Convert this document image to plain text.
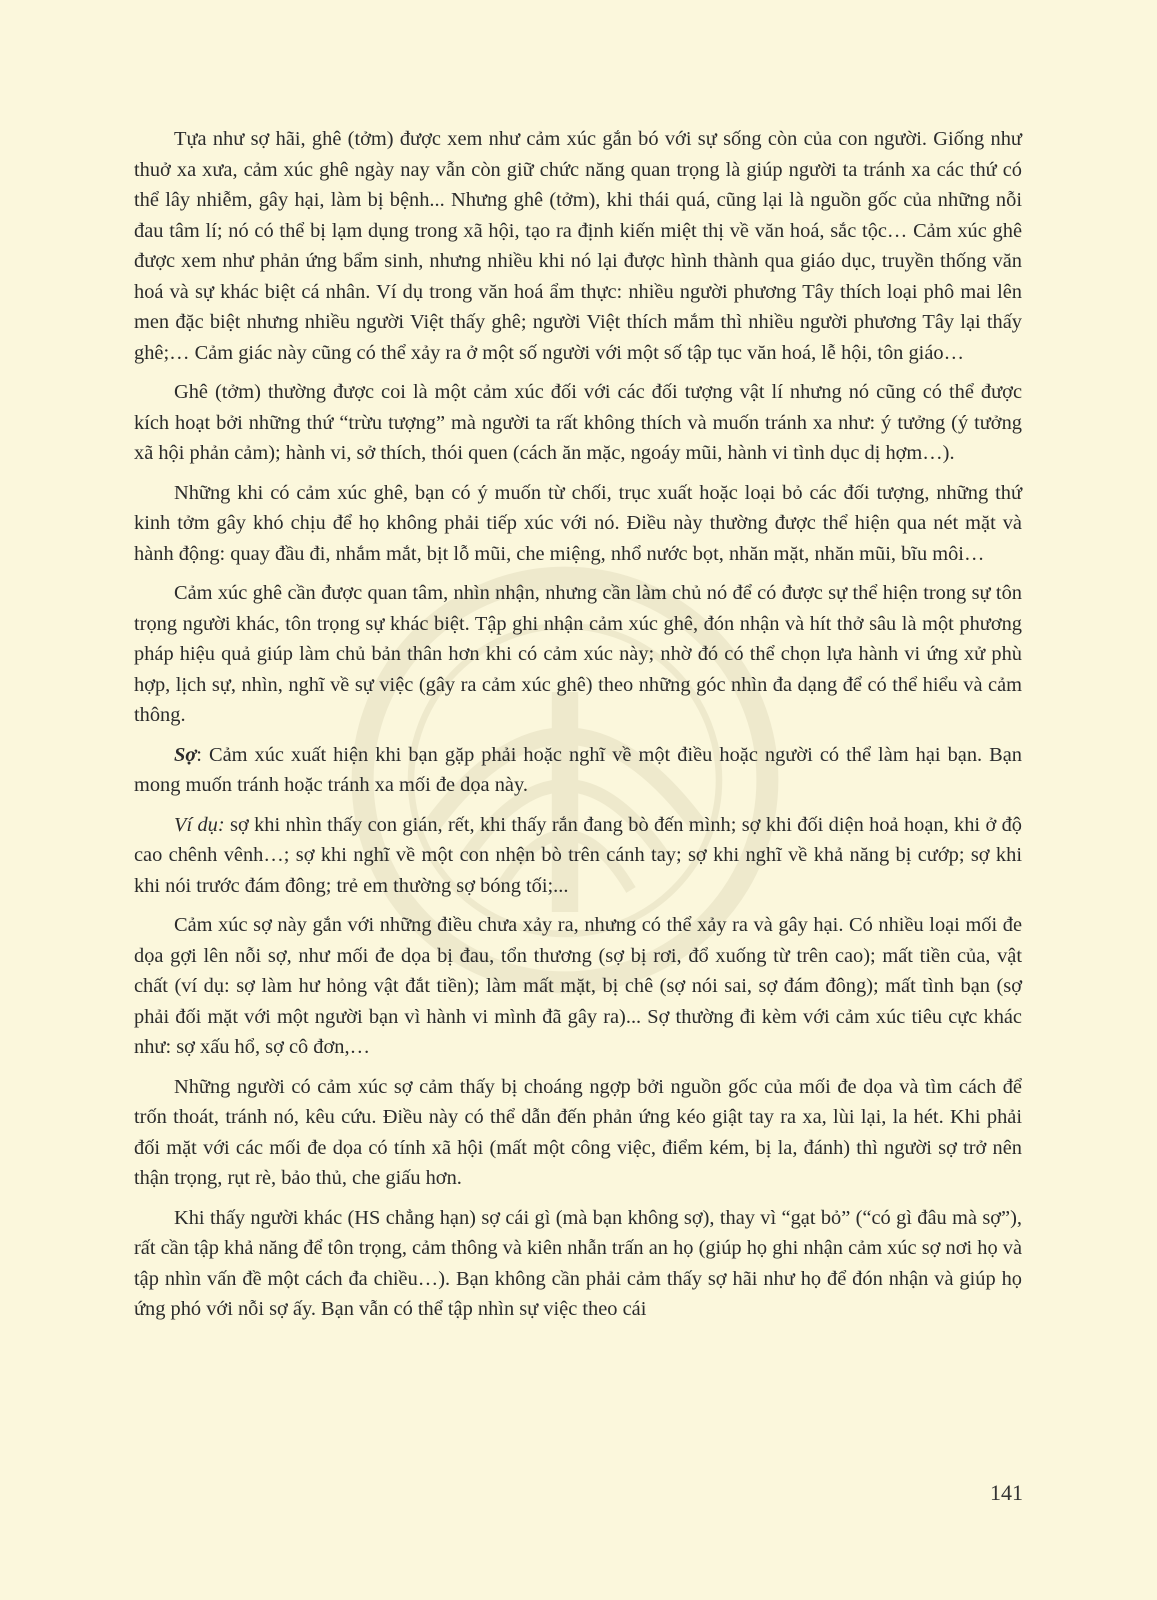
Tựa như sợ hãi, ghê (tởm) được xem như cảm xúc gắn bó với sự sống còn của con người. Giống như thuở xa xưa, cảm xúc ghê ngày nay vẫn còn giữ chức năng quan trọng là giúp người ta tránh xa các thứ có thể lây nhiễm, gây hại, làm bị bệnh... Nhưng ghê (tởm), khi thái quá, cũng lại là nguồn gốc của những nỗi đau tâm lí; nó có thể bị lạm dụng trong xã hội, tạo ra định kiến miệt thị về văn hoá, sắc tộc… Cảm xúc ghê được xem như phản ứng bẩm sinh, nhưng nhiều khi nó lại được hình thành qua giáo dục, truyền thống văn hoá và sự khác biệt cá nhân. Ví dụ trong văn hoá ẩm thực: nhiều người phương Tây thích loại phô mai lên men đặc biệt nhưng nhiều người Việt thấy ghê; người Việt thích mắm thì nhiều người phương Tây lại thấy ghê;… Cảm giác này cũng có thể xảy ra ở một số người với một số tập tục văn hoá, lễ hội, tôn giáo…

Ghê (tởm) thường được coi là một cảm xúc đối với các đối tượng vật lí nhưng nó cũng có thể được kích hoạt bởi những thứ “trừu tượng” mà người ta rất không thích và muốn tránh xa như: ý tưởng (ý tưởng xã hội phản cảm); hành vi, sở thích, thói quen (cách ăn mặc, ngoáy mũi, hành vi tình dục dị hợm…).

Những khi có cảm xúc ghê, bạn có ý muốn từ chối, trục xuất hoặc loại bỏ các đối tượng, những thứ kinh tởm gây khó chịu để họ không phải tiếp xúc với nó. Điều này thường được thể hiện qua nét mặt và hành động: quay đầu đi, nhắm mắt, bịt lỗ mũi, che miệng, nhổ nước bọt, nhăn mặt, nhăn mũi, bĩu môi…

Cảm xúc ghê cần được quan tâm, nhìn nhận, nhưng cần làm chủ nó để có được sự thể hiện trong sự tôn trọng người khác, tôn trọng sự khác biệt. Tập ghi nhận cảm xúc ghê, đón nhận và hít thở sâu là một phương pháp hiệu quả giúp làm chủ bản thân hơn khi có cảm xúc này; nhờ đó có thể chọn lựa hành vi ứng xử phù hợp, lịch sự, nhìn, nghĩ về sự việc (gây ra cảm xúc ghê) theo những góc nhìn đa dạng để có thể hiểu và cảm thông.

Sợ: Cảm xúc xuất hiện khi bạn gặp phải hoặc nghĩ về một điều hoặc người có thể làm hại bạn. Bạn mong muốn tránh hoặc tránh xa mối đe dọa này.

Ví dụ: sợ khi nhìn thấy con gián, rết, khi thấy rắn đang bò đến mình; sợ khi đối diện hoả hoạn, khi ở độ cao chênh vênh…; sợ khi nghĩ về một con nhện bò trên cánh tay; sợ khi nghĩ về khả năng bị cướp; sợ khi khi nói trước đám đông; trẻ em thường sợ bóng tối;...

Cảm xúc sợ này gắn với những điều chưa xảy ra, nhưng có thể xảy ra và gây hại. Có nhiều loại mối đe dọa gợi lên nỗi sợ, như mối đe dọa bị đau, tổn thương (sợ bị rơi, đổ xuống từ trên cao); mất tiền của, vật chất (ví dụ: sợ làm hư hỏng vật đắt tiền); làm mất mặt, bị chê (sợ nói sai, sợ đám đông); mất tình bạn (sợ phải đối mặt với một người bạn vì hành vi mình đã gây ra)... Sợ thường đi kèm với cảm xúc tiêu cực khác như: sợ xấu hổ, sợ cô đơn,…

Những người có cảm xúc sợ cảm thấy bị choáng ngợp bởi nguồn gốc của mối đe dọa và tìm cách để trốn thoát, tránh nó, kêu cứu. Điều này có thể dẫn đến phản ứng kéo giật tay ra xa, lùi lại, la hét. Khi phải đối mặt với các mối đe dọa có tính xã hội (mất một công việc, điểm kém, bị la, đánh) thì người sợ trở nên thận trọng, rụt rè, bảo thủ, che giấu hơn.

Khi thấy người khác (HS chẳng hạn) sợ cái gì (mà bạn không sợ), thay vì “gạt bỏ” (“có gì đâu mà sợ”), rất cần tập khả năng để tôn trọng, cảm thông và kiên nhẫn trấn an họ (giúp họ ghi nhận cảm xúc sợ nơi họ và tập nhìn vấn đề một cách đa chiều…). Bạn không cần phải cảm thấy sợ hãi như họ để đón nhận và giúp họ ứng phó với nỗi sợ ấy. Bạn vẫn có thể tập nhìn sự việc theo cái

141
